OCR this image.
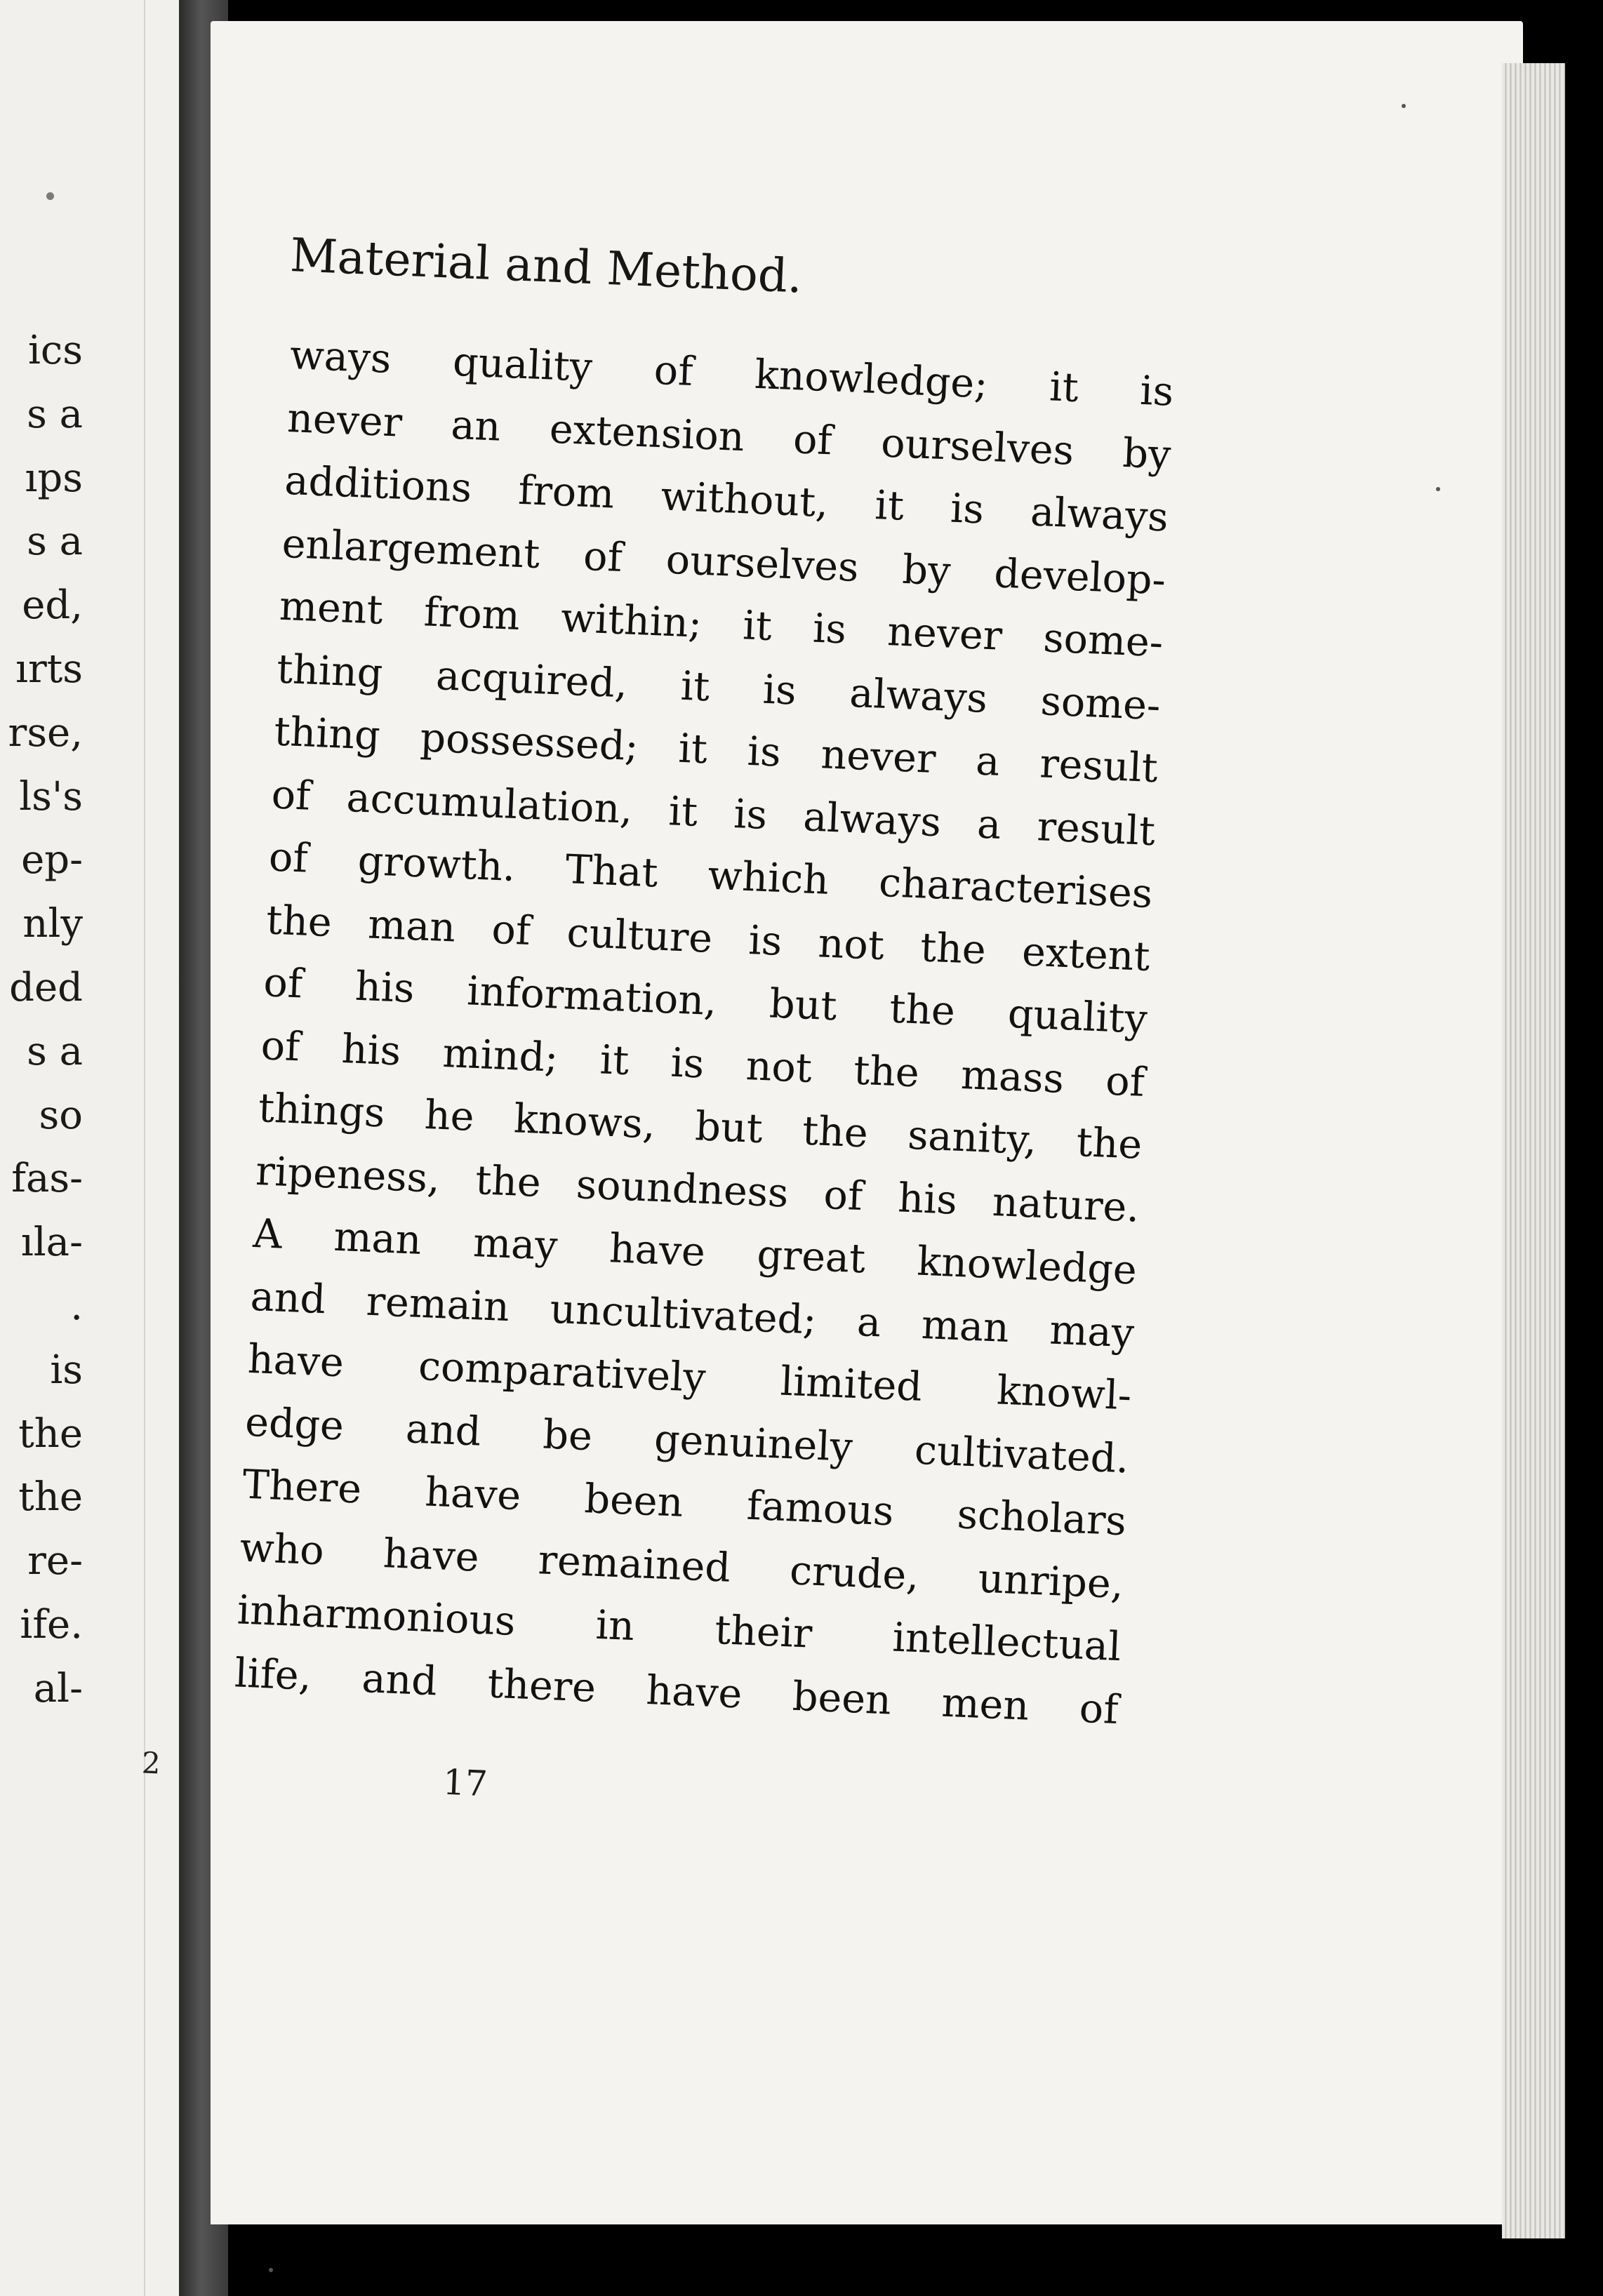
ics
s a
ıps
s a
ed,
ırts
rse,
ls's
ep-
nly
ded
s a
so
fas-
ıla-
.
is
the
the
re-
ife.
al-
Material and Method.
ways quality of knowledge; it is
never an extension of ourselves by
additions from without, it is always
enlargement of ourselves by develop-
ment from within; it is never some-
thing acquired, it is always some-
thing possessed; it is never a result
of accumulation, it is always a result
of growth. That which characterises
the man of culture is not the extent
of his information, but the quality
of his mind; it is not the mass of
things he knows, but the sanity, the
ripeness, the soundness of his nature.
A man may have great knowledge
and remain uncultivated; a man may
have comparatively limited knowl-
edge and be genuinely cultivated.
There have been famous scholars
who have remained crude, unripe,
inharmonious in their intellectual
life, and there have been men of
2	17
